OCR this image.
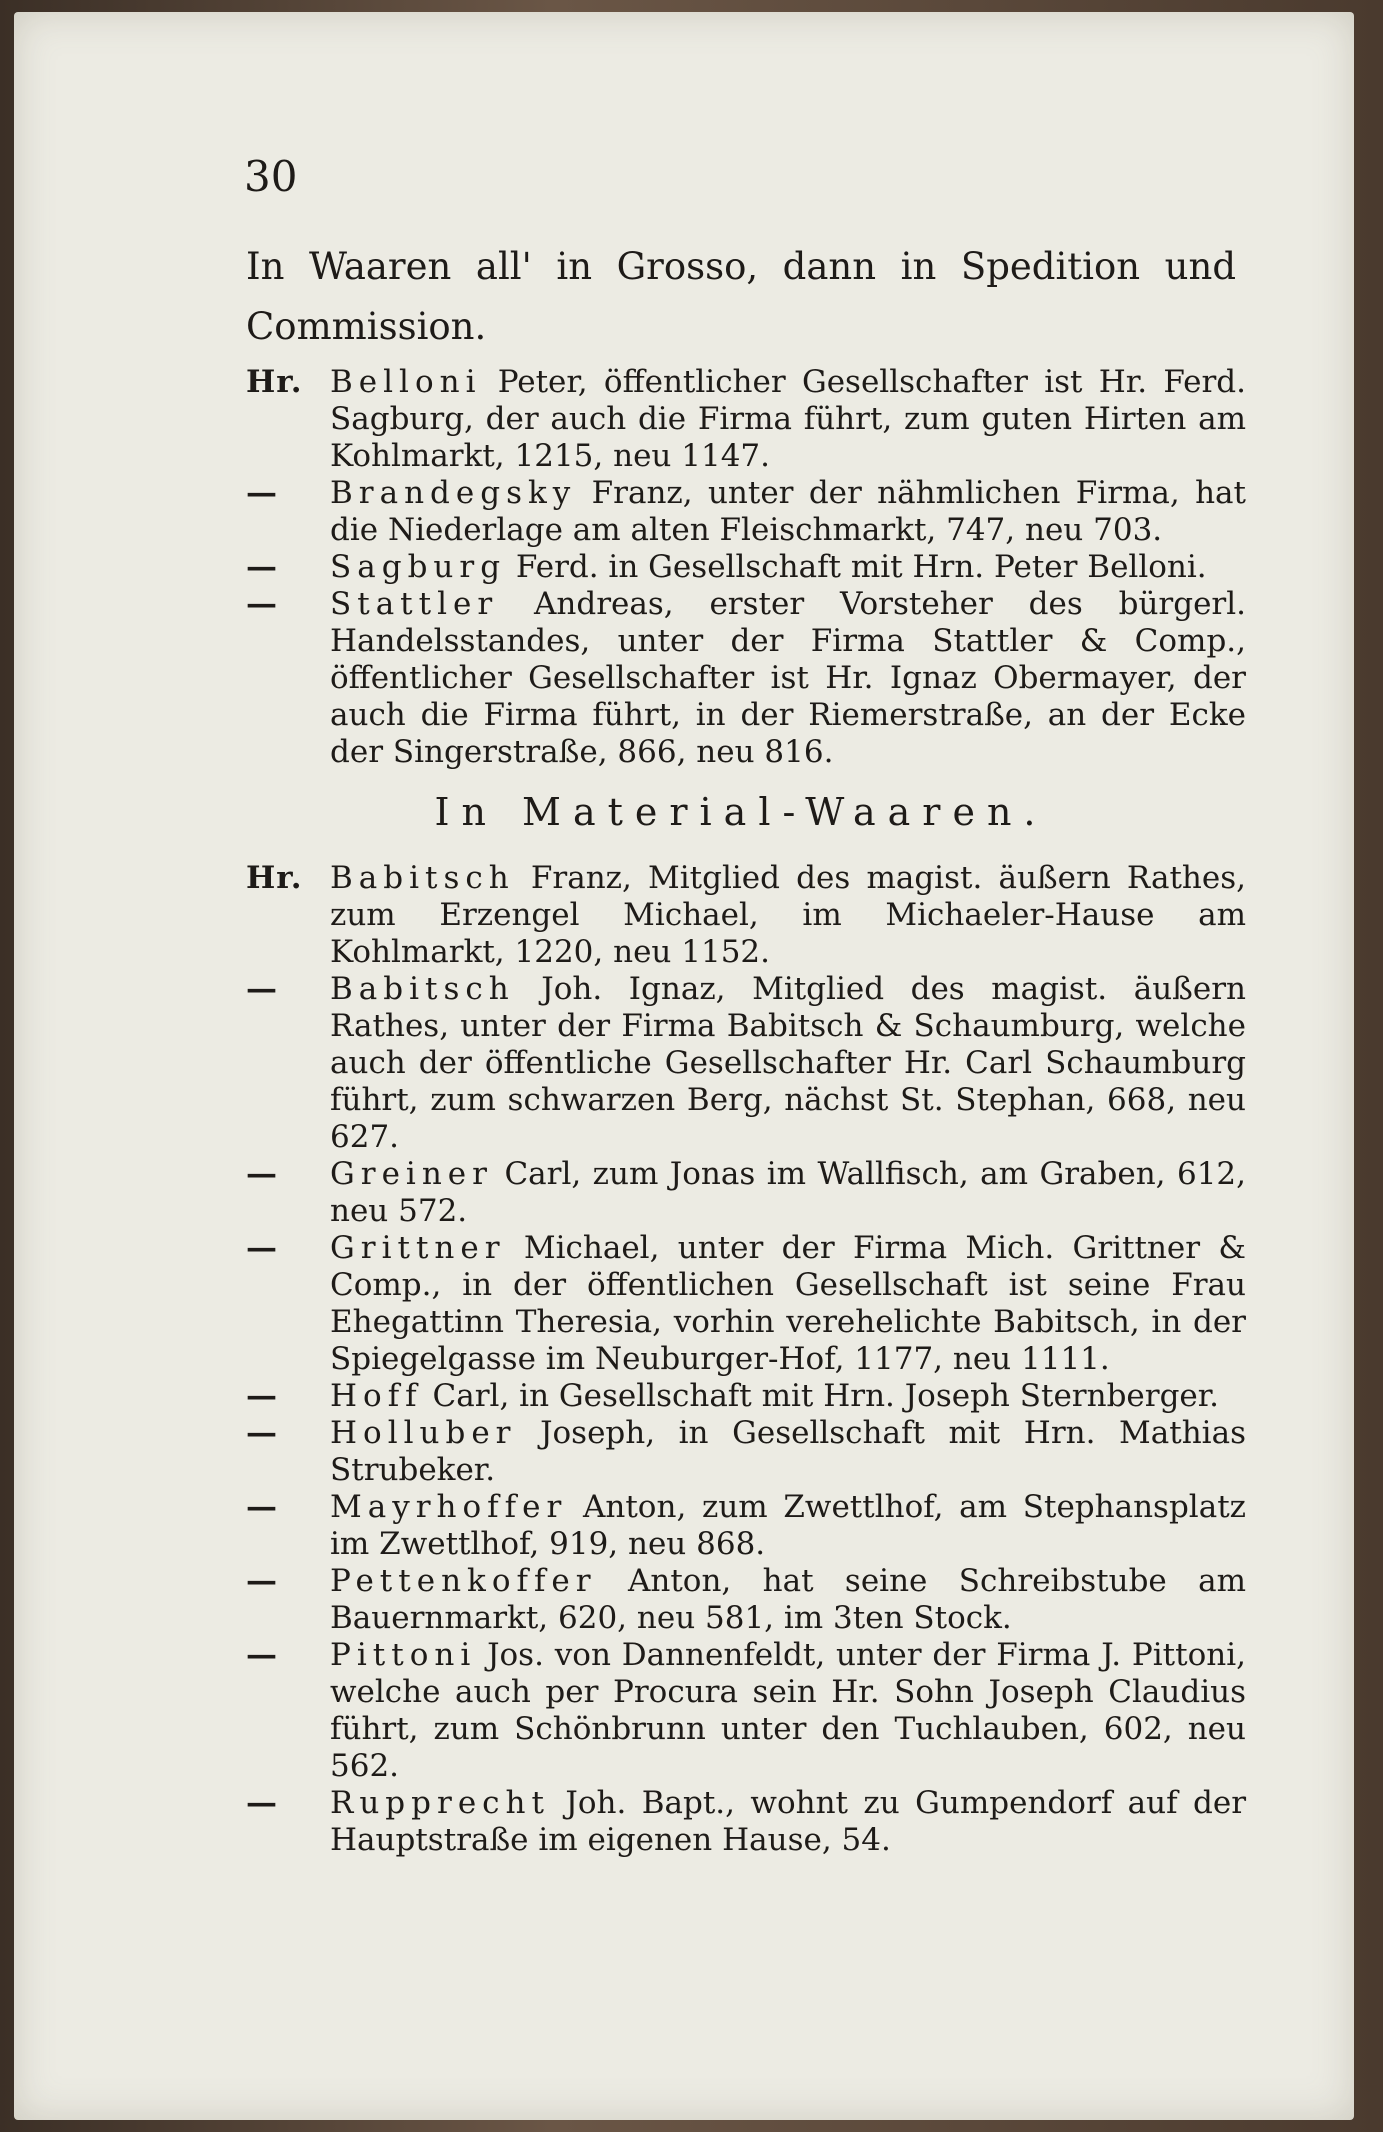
30
In Waaren all' in Grosso, dann in Spedition und Commission.
Hr. Belloni Peter, öffentlicher Gesellschafter ist Hr. Ferd. Sagburg, der auch die Firma führt, zum guten Hirten am Kohlmarkt, 1215, neu 1147.
—	Brandegsky Franz, unter der nähmlichen Firma, hat die Niederlage am alten Fleischmarkt, 747, neu 703.
—	Sagburg Ferd. in Gesellschaft mit Hrn. Peter Belloni.
—	Stattler Andreas, erster Vorsteher des bürgerl. Handelsstandes, unter der Firma Stattler & Comp., öffentlicher Gesellschafter ist Hr. Ignaz Obermayer, der auch die Firma führt, in der Riemerstraße, an der Ecke der Singerstraße, 866, neu 816.
In Material-Waaren.
Hr. Babitsch Franz, Mitglied des magist. äußern Rathes, zum Erzengel Michael, im Michaeler-Hause am Kohlmarkt, 1220, neu 1152.
—	Babitsch Joh. Ignaz, Mitglied des magist. äußern Rathes, unter der Firma Babitsch & Schaumburg, welche auch der öffentliche Gesellschafter Hr. Carl Schaumburg führt, zum schwarzen Berg, nächst St. Stephan, 668, neu 627.
—	Greiner Carl, zum Jonas im Wallfisch, am Graben, 612, neu 572.
—	Grittner Michael, unter der Firma Mich. Grittner & Comp., in der öffentlichen Gesellschaft ist seine Frau Ehegattinn Theresia, vorhin verehelichte Babitsch, in der Spiegelgasse im Neuburger-Hof, 1177, neu 1111.
—	Hoff Carl, in Gesellschaft mit Hrn. Joseph Sternberger.
—	Holluber Joseph, in Gesellschaft mit Hrn. Mathias Strubeker.
—	Mayrhoffer Anton, zum Zwettlhof, am Stephansplatz im Zwettlhof, 919, neu 868.
—	Pettenkoffer Anton, hat seine Schreibstube am Bauernmarkt, 620, neu 581, im 3ten Stock.
—	Pittoni Jos. von Dannenfeldt, unter der Firma J. Pittoni, welche auch per Procura sein Hr. Sohn Joseph Claudius führt, zum Schönbrunn unter den Tuchlauben, 602, neu 562.
—	Rupprecht Joh. Bapt., wohnt zu Gumpendorf auf der Hauptstraße im eigenen Hause, 54.
